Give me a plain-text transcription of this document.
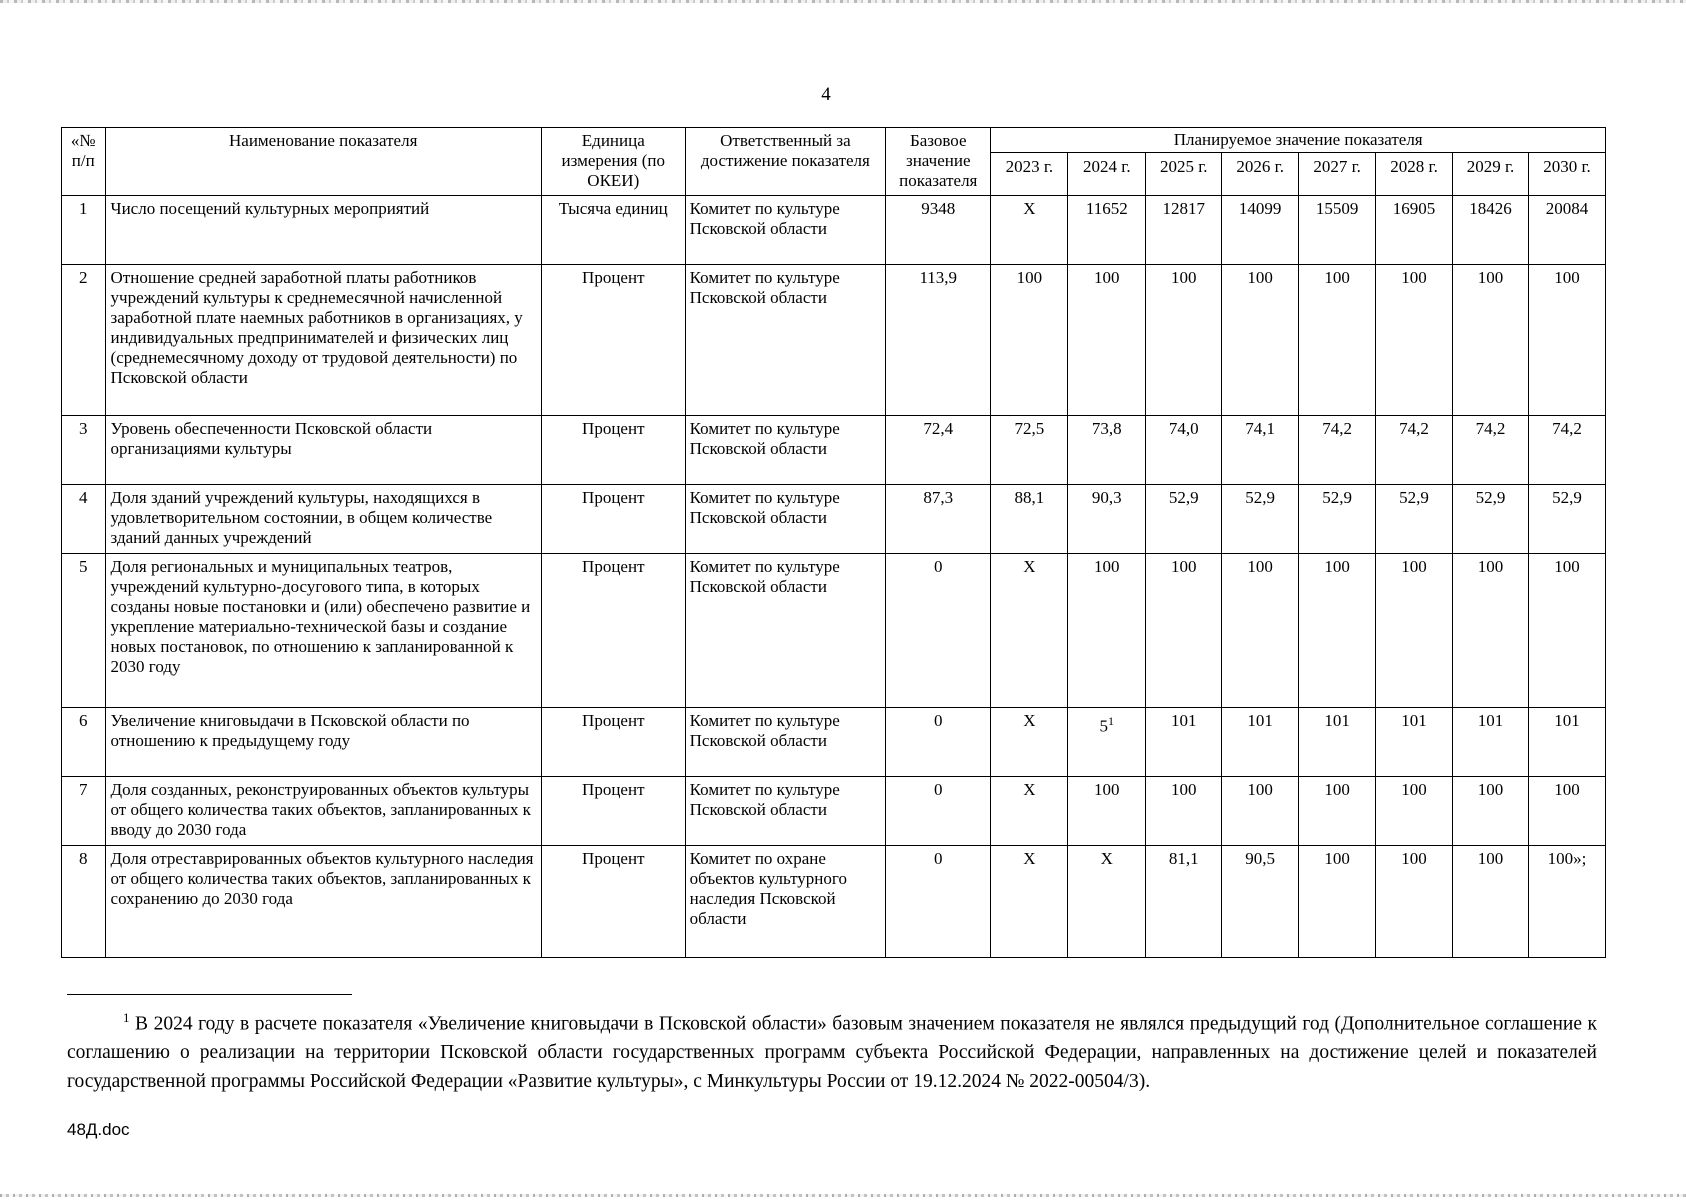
4
«№ п/п	Наименование показателя	Единица измерения (по ОКЕИ)	Ответственный за достижение показателя	Базовое значение показателя	Планируемое значение показателя							
					2023 г.	2024 г.	2025 г.	2026 г.	2027 г.	2028 г.	2029 г.	2030 г.
1	Число посещений культурных мероприятий	Тысяча единиц	Комитет по культуре Псковской области	9348	Х	11652	12817	14099	15509	16905	18426	20084
2	Отношение средней заработной платы работников учреждений культуры к среднемесячной начисленной заработной плате наемных работников в организациях, у индивидуальных предпринимателей и физических лиц (среднемесячному доходу от трудовой деятельности) по Псковской области	Процент	Комитет по культуре Псковской области	113,9	100	100	100	100	100	100	100	100
3	Уровень обеспеченности Псковской области организациями культуры	Процент	Комитет по культуре Псковской области	72,4	72,5	73,8	74,0	74,1	74,2	74,2	74,2	74,2
4	Доля зданий учреждений культуры, находящихся в удовлетворительном состоянии, в общем количестве зданий данных учреждений	Процент	Комитет по культуре Псковской области	87,3	88,1	90,3	52,9	52,9	52,9	52,9	52,9	52,9
5	Доля региональных и муниципальных театров, учреждений культурно-досугового типа, в которых созданы новые постановки и (или) обеспечено развитие и укрепление материально-технической базы и создание новых постановок, по отношению к запланированной к 2030 году	Процент	Комитет по культуре Псковской области	0	Х	100	100	100	100	100	100	100
6	Увеличение книговыдачи в Псковской области по отношению к предыдущему году	Процент	Комитет по культуре Псковской области	0	Х	$5^1$	101	101	101	101	101	101
7	Доля созданных, реконструированных объектов культуры от общего количества таких объектов, запланированных к вводу до 2030 года	Процент	Комитет по культуре Псковской области	0	Х	100	100	100	100	100	100	100
8	Доля отреставрированных объектов культурного наследия от общего количества таких объектов, запланированных к сохранению до 2030 года	Процент	Комитет по охране объектов культурного наследия Псковской области	0	Х	Х	81,1	90,5	100	100	100	100»;
$^1$ В 2024 году в расчете показателя «Увеличение книговыдачи в Псковской области» базовым значением показателя не являлся предыдущий год (Дополнительное соглашение к соглашению о реализации на территории Псковской области государственных программ субъекта Российской Федерации, направленных на достижение целей и показателей государственной программы Российской Федерации «Развитие культуры», с Минкультуры России от 19.12.2024 № 2022-00504/3).
48Д.doc
